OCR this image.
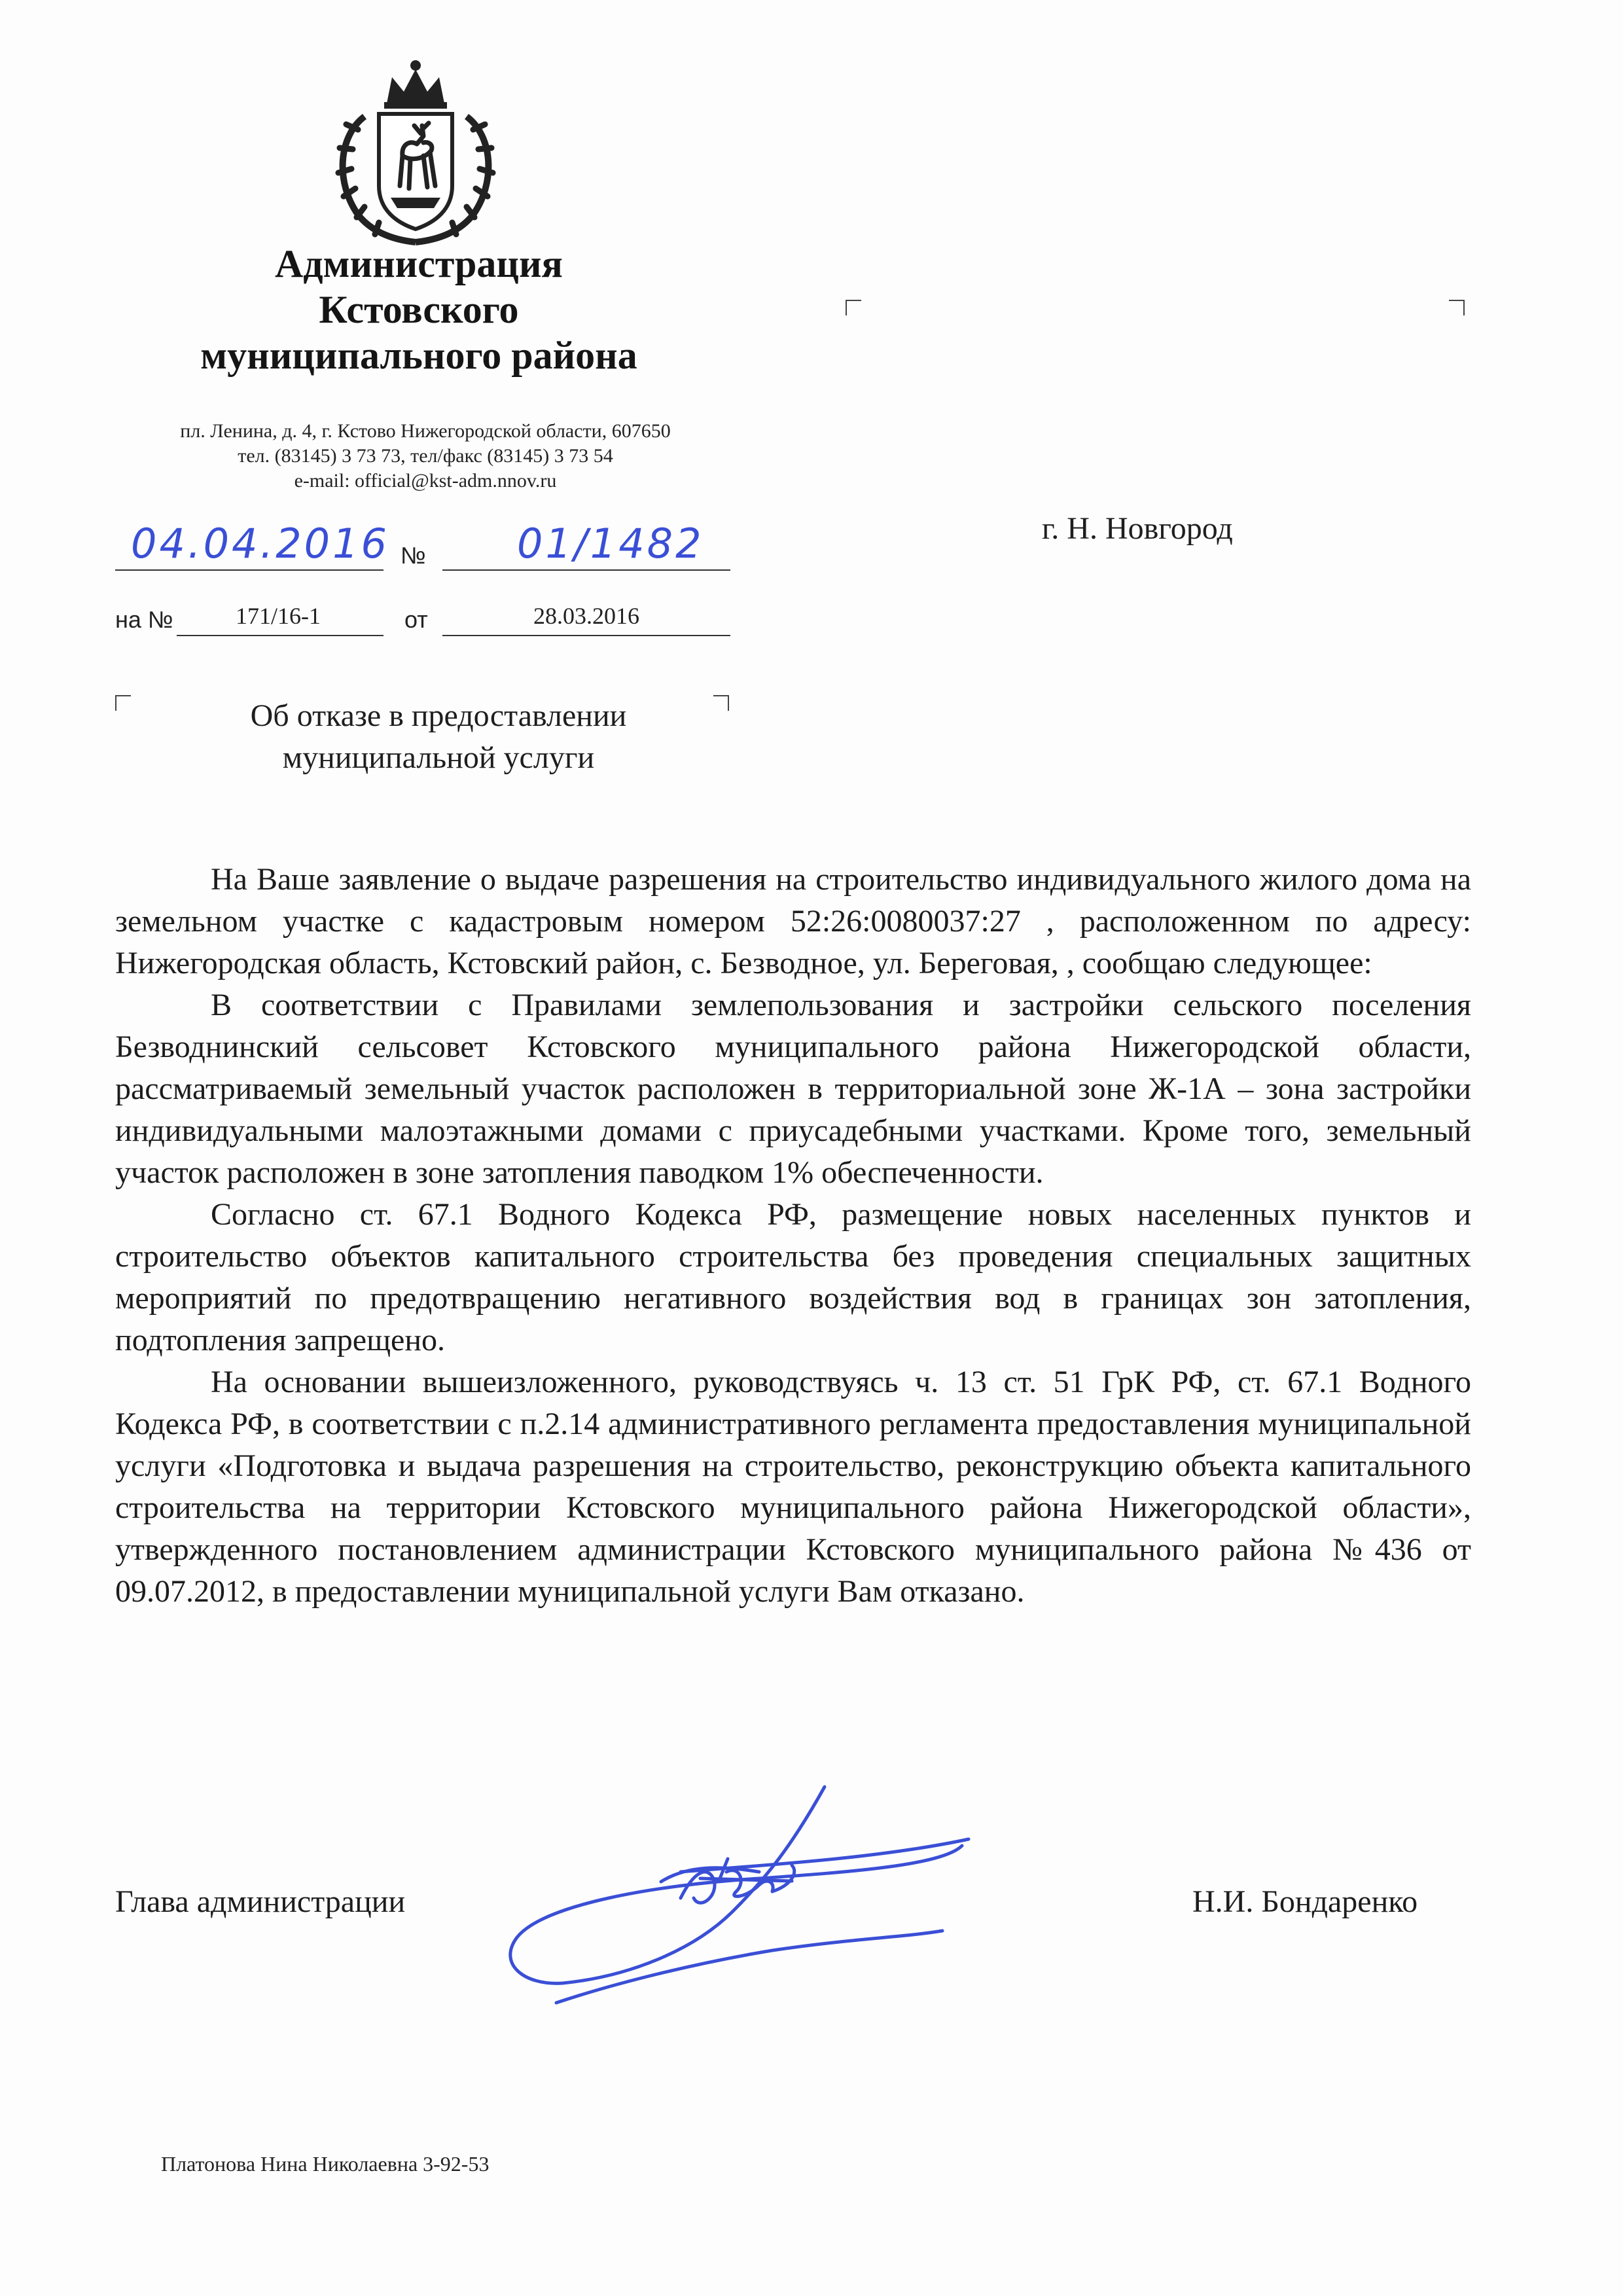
Администрация
Кстовского
муниципального района
пл. Ленина, д. 4, г. Кстово Нижегородской области, 607650
тел. (83145) 3 73 73, тел/факс (83145) 3 73 54
e-mail: official@kst-adm.nnov.ru
04.04.2016 № 01/1482
на №	171/16-1	от	28.03.2016
г. Н. Новгород
Об отказе в предоставлении
муниципальной услуги

На Ваше заявление о выдаче разрешения на строительство индивидуального жилого дома на земельном участке с кадастровым номером 52:26:0080037:27 , расположенном по адресу: Нижегородская область, Кстовский район, с. Безводное, ул. Береговая, , сообщаю следующее:

В соответствии с Правилами землепользования и застройки сельского поселения Безводнинский сельсовет Кстовского муниципального района Нижегородской области, рассматриваемый земельный участок расположен в территориальной зоне Ж-1А – зона застройки индивидуальными малоэтажными домами с приусадебными участками. Кроме того, земельный участок расположен в зоне затопления паводком 1% обеспеченности.

Согласно ст. 67.1 Водного Кодекса РФ, размещение новых населенных пунктов и строительство объектов капитального строительства без проведения специальных защитных мероприятий по предотвращению негативного воздействия вод в границах зон затопления, подтопления запрещено.

На основании вышеизложенного, руководствуясь ч. 13 ст. 51 ГрК РФ, ст. 67.1 Водного Кодекса РФ, в соответствии с п.2.14 административного регламента предоставления муниципальной услуги «Подготовка и выдача разрешения на строительство, реконструкцию объекта капитального строительства на территории Кстовского муниципального района Нижегородской области», утвержденного постановлением администрации Кстовского муниципального района №436 от 09.07.2012, в предоставлении муниципальной услуги Вам отказано.

Глава администрации	Н.И. Бондаренко
Платонова Нина Николаевна 3-92-53
